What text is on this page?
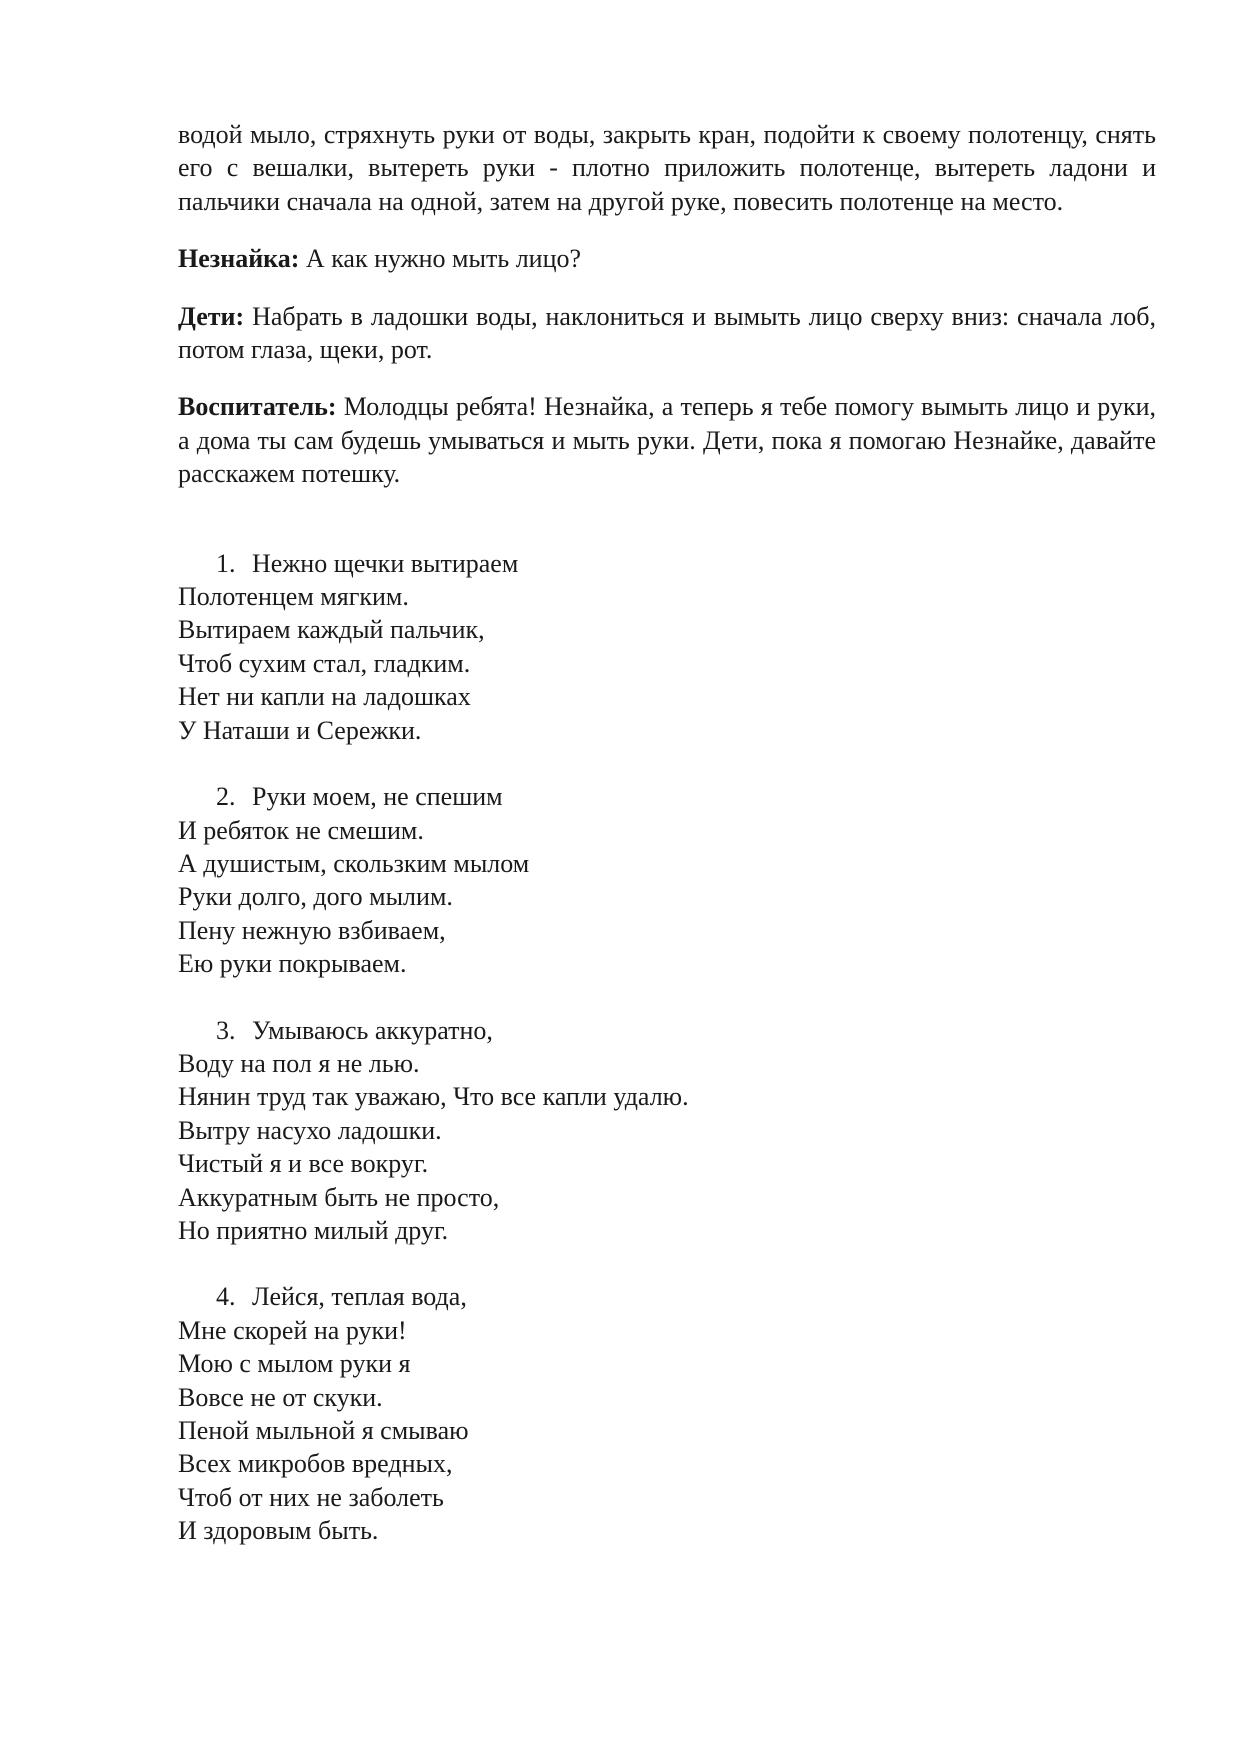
водой мыло, стряхнуть руки от воды, закрыть кран, подойти к своему полотенцу, снять его с вешалки, вытереть руки - плотно приложить полотенце, вытереть ладони и пальчики сначала на одной, затем на другой руке, повесить полотенце на место.

Незнайка: А как нужно мыть лицо?

Дети: Набрать в ладошки воды, наклониться и вымыть лицо сверху вниз: сначала лоб, потом глаза, щеки, рот.

Воспитатель: Молодцы ребята! Незнайка, а теперь я тебе помогу вымыть лицо и руки, а дома ты сам будешь умываться и мыть руки. Дети, пока я помогаю Незнайке, давайте расскажем потешку.

1. Нежно щечки вытираем

Полотенцем мягким.

Вытираем каждый пальчик,

Чтоб сухим стал, гладким.

Нет ни капли на ладошках

У Наташи и Сережки.

2. Руки моем, не спешим

И ребяток не смешим.

А душистым, скользким мылом

Руки долго, дого мылим.

Пену нежную взбиваем,

Ею руки покрываем.

3. Умываюсь аккуратно,

Воду на пол я не лью.

Нянин труд так уважаю, Что все капли удалю.

Вытру насухо ладошки.

Чистый я и все вокруг.

Аккуратным быть не просто,

Но приятно милый друг.

4. Лейся, теплая вода,

Мне скорей на руки!

Мою с мылом руки я

Вовсе не от скуки.

Пеной мыльной я смываю

Всех микробов вредных,

Чтоб от них не заболеть

И здоровым быть.
